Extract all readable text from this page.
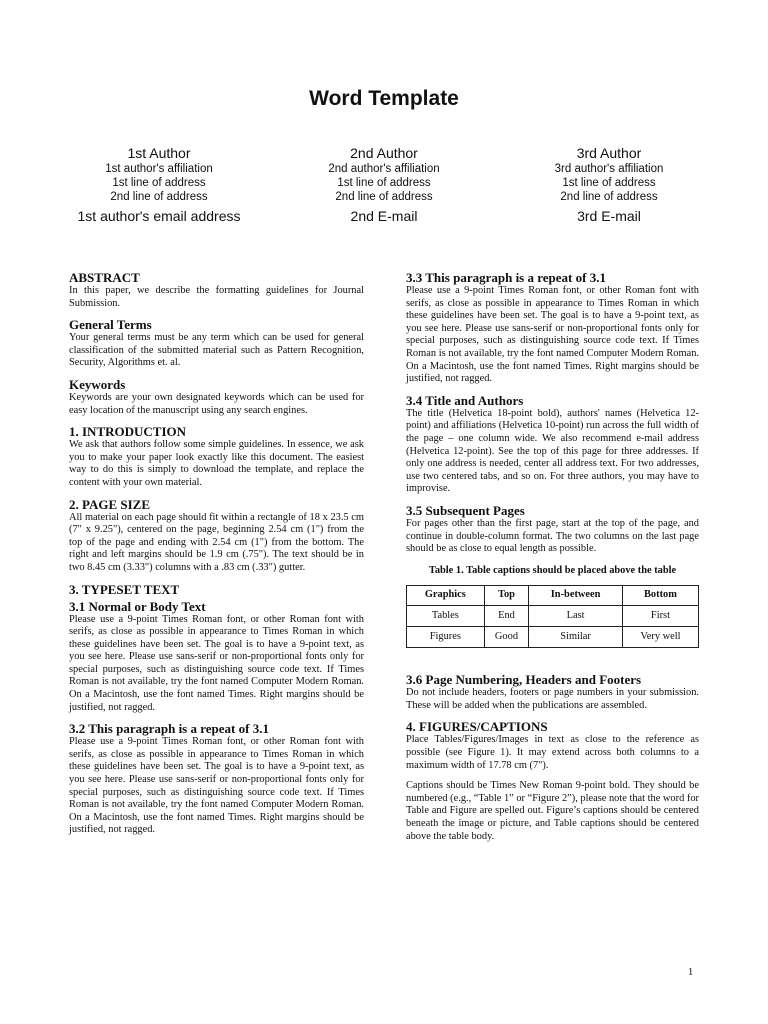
Word Template
1st Author
1st author's affiliation
1st line of address
2nd line of address
1st author's email address
2nd Author
2nd author's affiliation
1st line of address
2nd line of address
2nd E-mail
3rd Author
3rd author's affiliation
1st line of address
2nd line of address
3rd E-mail
ABSTRACT

In this paper, we describe the formatting guidelines for Journal Submission.

General Terms

Your general terms must be any term which can be used for general classification of the submitted material such as Pattern Recognition, Security, Algorithms et. al.

Keywords

Keywords are your own designated keywords which can be used for easy location of the manuscript using any search engines.

1. INTRODUCTION

We ask that authors follow some simple guidelines. In essence, we ask you to make your paper look exactly like this document. The easiest way to do this is simply to download the template, and replace the content with your own material.

2. PAGE SIZE

All material on each page should fit within a rectangle of 18 x 23.5 cm (7" x 9.25"), centered on the page, beginning 2.54 cm (1") from the top of the page and ending with 2.54 cm (1") from the bottom. The right and left margins should be 1.9 cm (.75"). The text should be in two 8.45 cm (3.33") columns with a .83 cm (.33") gutter.

3. TYPESET TEXT
3.1 Normal or Body Text

Please use a 9-point Times Roman font, or other Roman font with serifs, as close as possible in appearance to Times Roman in which these guidelines have been set. The goal is to have a 9-point text, as you see here. Please use sans-serif or non-proportional fonts only for special purposes, such as distinguishing source code text. If Times Roman is not available, try the font named Computer Modern Roman. On a Macintosh, use the font named Times. Right margins should be justified, not ragged.

3.2 This paragraph is a repeat of 3.1

Please use a 9-point Times Roman font, or other Roman font with serifs, as close as possible in appearance to Times Roman in which these guidelines have been set. The goal is to have a 9-point text, as you see here. Please use sans-serif or non-proportional fonts only for special purposes, such as distinguishing source code text. If Times Roman is not available, try the font named Computer Modern Roman. On a Macintosh, use the font named Times. Right margins should be justified, not ragged.

3.3 This paragraph is a repeat of 3.1

Please use a 9-point Times Roman font, or other Roman font with serifs, as close as possible in appearance to Times Roman in which these guidelines have been set. The goal is to have a 9-point text, as you see here. Please use sans-serif or non-proportional fonts only for special purposes, such as distinguishing source code text. If Times Roman is not available, try the font named Computer Modern Roman. On a Macintosh, use the font named Times. Right margins should be justified, not ragged.

3.4 Title and Authors

The title (Helvetica 18-point bold), authors' names (Helvetica 12-point) and affiliations (Helvetica 10-point) run across the full width of the page – one column wide. We also recommend e-mail address (Helvetica 12-point). See the top of this page for three addresses. If only one address is needed, center all address text. For two addresses, use two centered tabs, and so on. For three authors, you may have to improvise.

3.5 Subsequent Pages

For pages other than the first page, start at the top of the page, and continue in double-column format. The two columns on the last page should be as close to equal length as possible.

Table 1. Table captions should be placed above the table
Graphics	Top	In-between	Bottom
Tables	End	Last	First
Figures	Good	Similar	Very well
3.6 Page Numbering, Headers and Footers

Do not include headers, footers or page numbers in your submission. These will be added when the publications are assembled.

4. FIGURES/CAPTIONS

Place Tables/Figures/Images in text as close to the reference as possible (see Figure 1). It may extend across both columns to a maximum width of 17.78 cm (7").

Captions should be Times New Roman 9-point bold. They should be numbered (e.g., “Table 1” or “Figure 2”), please note that the word for Table and Figure are spelled out. Figure’s captions should be centered beneath the image or picture, and Table captions should be centered above the table body.

1
